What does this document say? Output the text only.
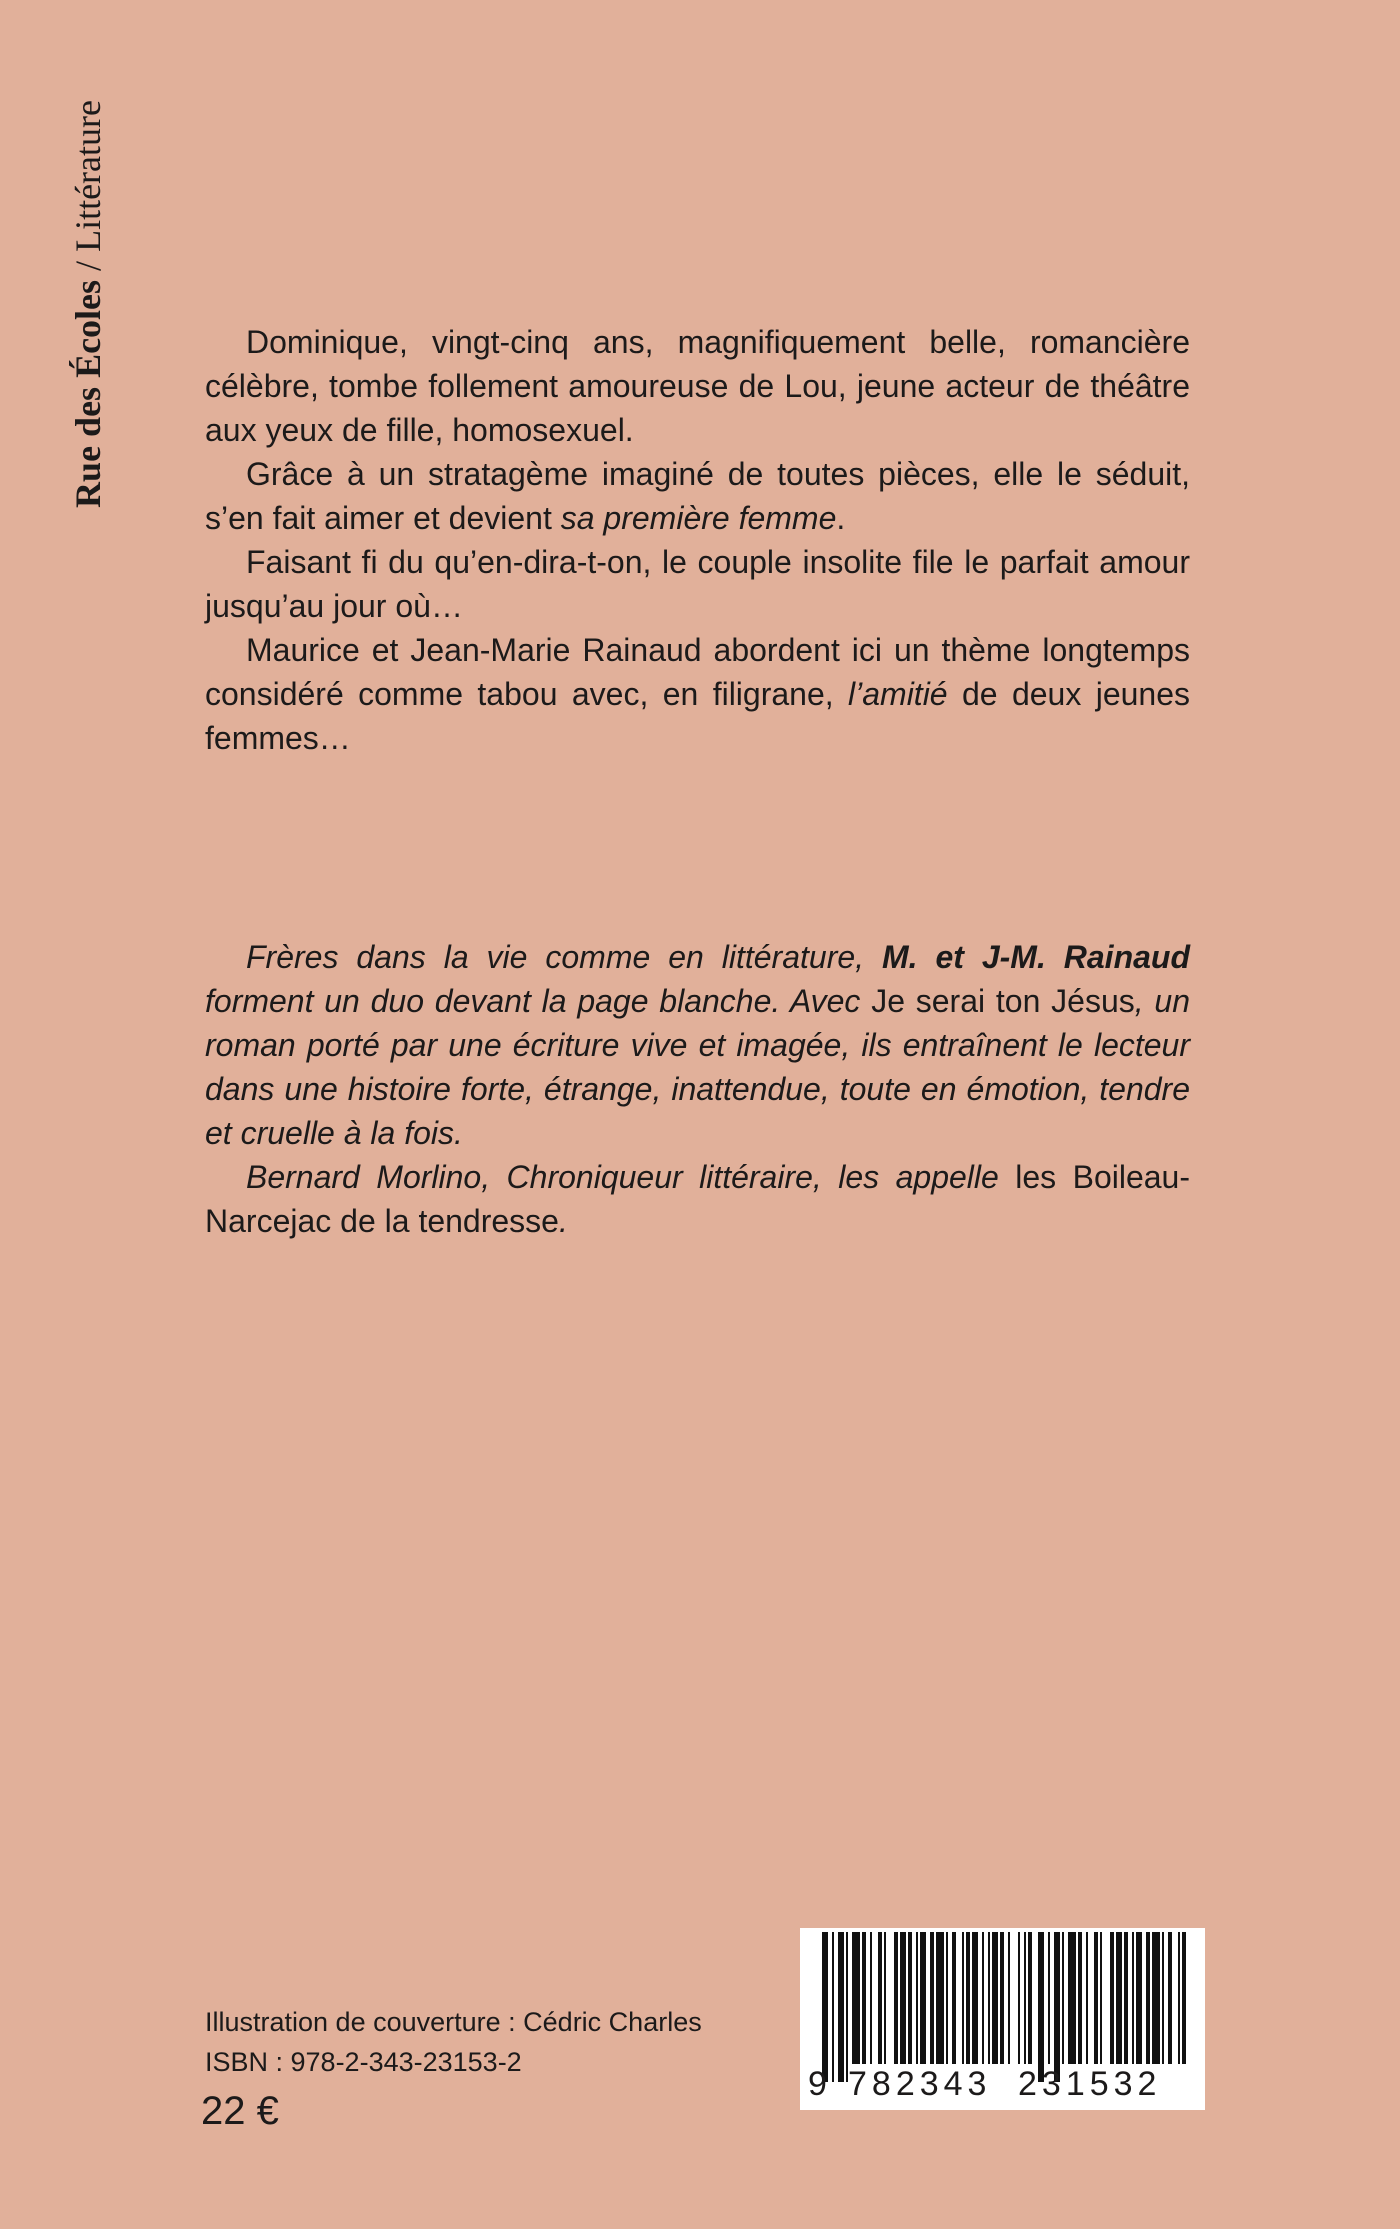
Rue des Écoles / Littérature

Dominique, vingt-cinq ans, magnifiquement belle, romancière célèbre, tombe follement amoureuse de Lou, jeune acteur de théâtre aux yeux de fille, homosexuel.

Grâce à un stratagème imaginé de toutes pièces, elle le séduit, s’en fait aimer et devient sa première femme.

Faisant fi du qu’en-dira-t-on, le couple insolite file le parfait amour jusqu’au jour où…

Maurice et Jean-Marie Rainaud abordent ici un thème longtemps considéré comme tabou avec, en filigrane, l’amitié de deux jeunes femmes…

Frères dans la vie comme en littérature, M. et J-M. Rainaud forment un duo devant la page blanche. Avec Je serai ton Jésus, un roman porté par une écriture vive et imagée, ils entraînent le lecteur dans une histoire forte, étrange, inattendue, toute en émotion, tendre et cruelle à la fois.

Bernard Morlino, Chroniqueur littéraire, les appelle les Boileau-Narcejac de la tendresse.

Illustration de couverture : Cédric Charles
ISBN : 978-2-343-23153-2
22 €
9 782343 231532
